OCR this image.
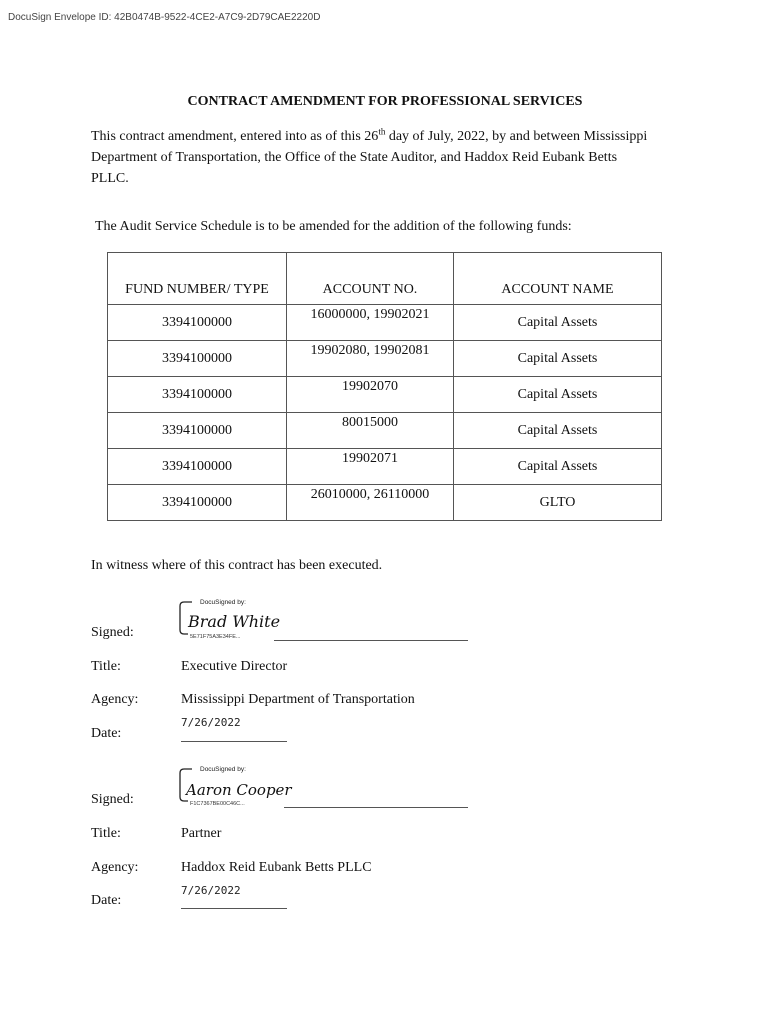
DocuSign Envelope ID: 42B0474B-9522-4CE2-A7C9-2D79CAE2220D
CONTRACT AMENDMENT FOR PROFESSIONAL SERVICES
This contract amendment, entered into as of this 26th day of July, 2022, by and between Mississippi Department of Transportation, the Office of the State Auditor, and Haddox Reid Eubank Betts PLLC.
The Audit Service Schedule is to be amended for the addition of the following funds:
FUND NUMBER/ TYPE	ACCOUNT NO.	ACCOUNT NAME
3394100000	16000000, 19902021	Capital Assets
3394100000	19902080, 19902081	Capital Assets
3394100000	19902070	Capital Assets
3394100000	80015000	Capital Assets
3394100000	19902071	Capital Assets
3394100000	26010000, 26110000	GLTO
In witness where of this contract has been executed.
DocuSigned by:
Brad White
5E71F75A3E34FE...
Signed:
Title:	Executive Director
Agency:	Mississippi Department of Transportation
7/26/2022
Date:
DocuSigned by:
Aaron Cooper
F1C7367BE00C46C...
Signed:
Title:	Partner
Agency:	Haddox Reid Eubank Betts PLLC
7/26/2022
Date:
